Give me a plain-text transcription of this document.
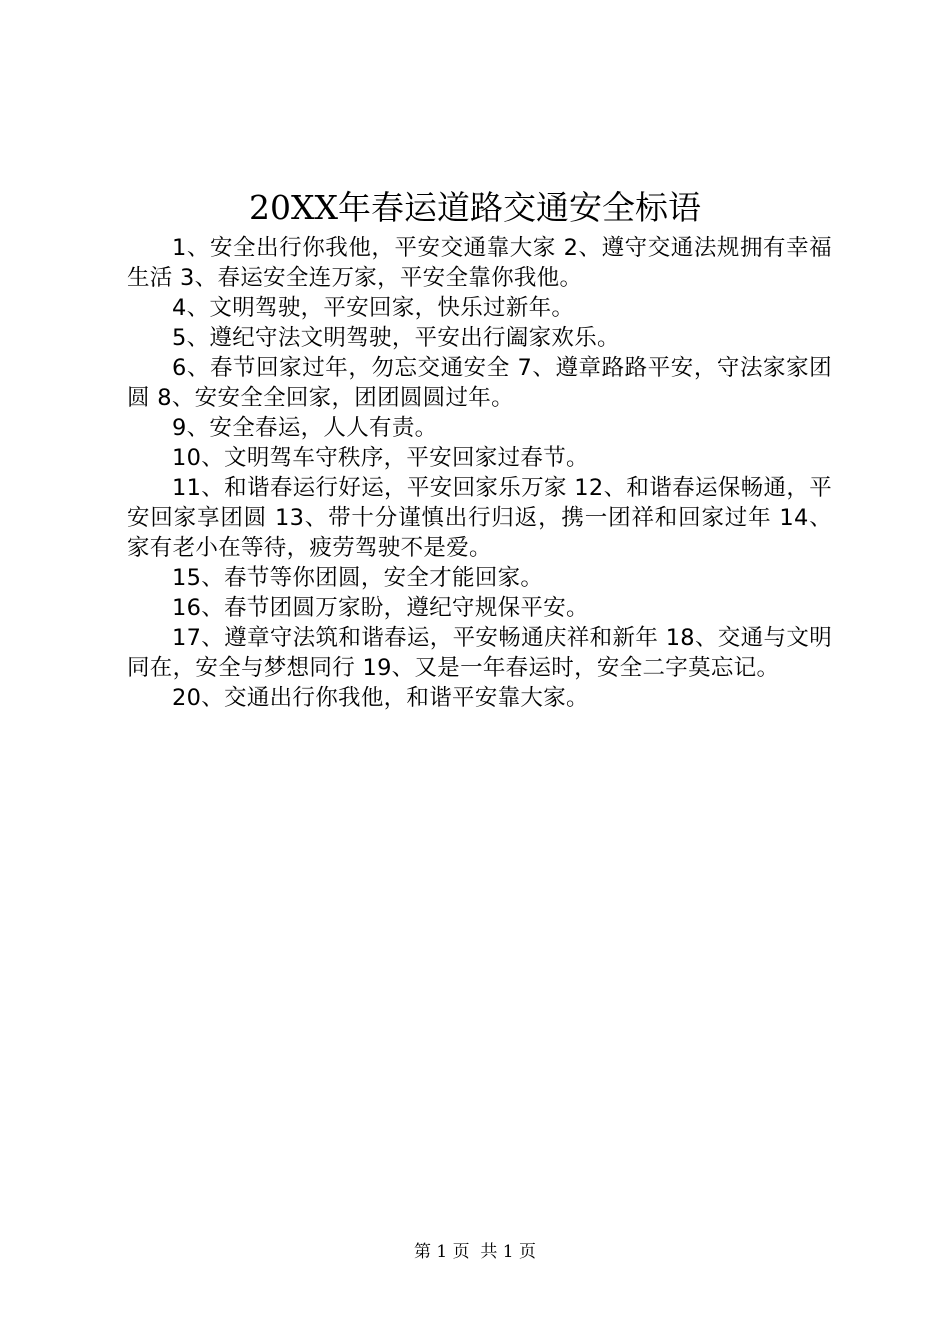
20XX年春运道路交通安全标语

1、安全出行你我他，平安交通靠大家 2、遵守交通法规拥有幸福生活 3、春运安全连万家，平安全靠你我他。

4、文明驾驶，平安回家，快乐过新年。

5、遵纪守法文明驾驶，平安出行阖家欢乐。

6、春节回家过年，勿忘交通安全 7、遵章路路平安，守法家家团圆 8、安安全全回家，团团圆圆过年。

9、安全春运，人人有责。

10、文明驾车守秩序，平安回家过春节。

11、和谐春运行好运，平安回家乐万家 12、和谐春运保畅通，平安回家享团圆 13、带十分谨慎出行归返，携一团祥和回家过年 14、家有老小在等待，疲劳驾驶不是爱。

15、春节等你团圆，安全才能回家。

16、春节团圆万家盼，遵纪守规保平安。

17、遵章守法筑和谐春运，平安畅通庆祥和新年 18、交通与文明同在，安全与梦想同行 19、又是一年春运时，安全二字莫忘记。

20、交通出行你我他，和谐平安靠大家。

第 1 页  共 1 页
